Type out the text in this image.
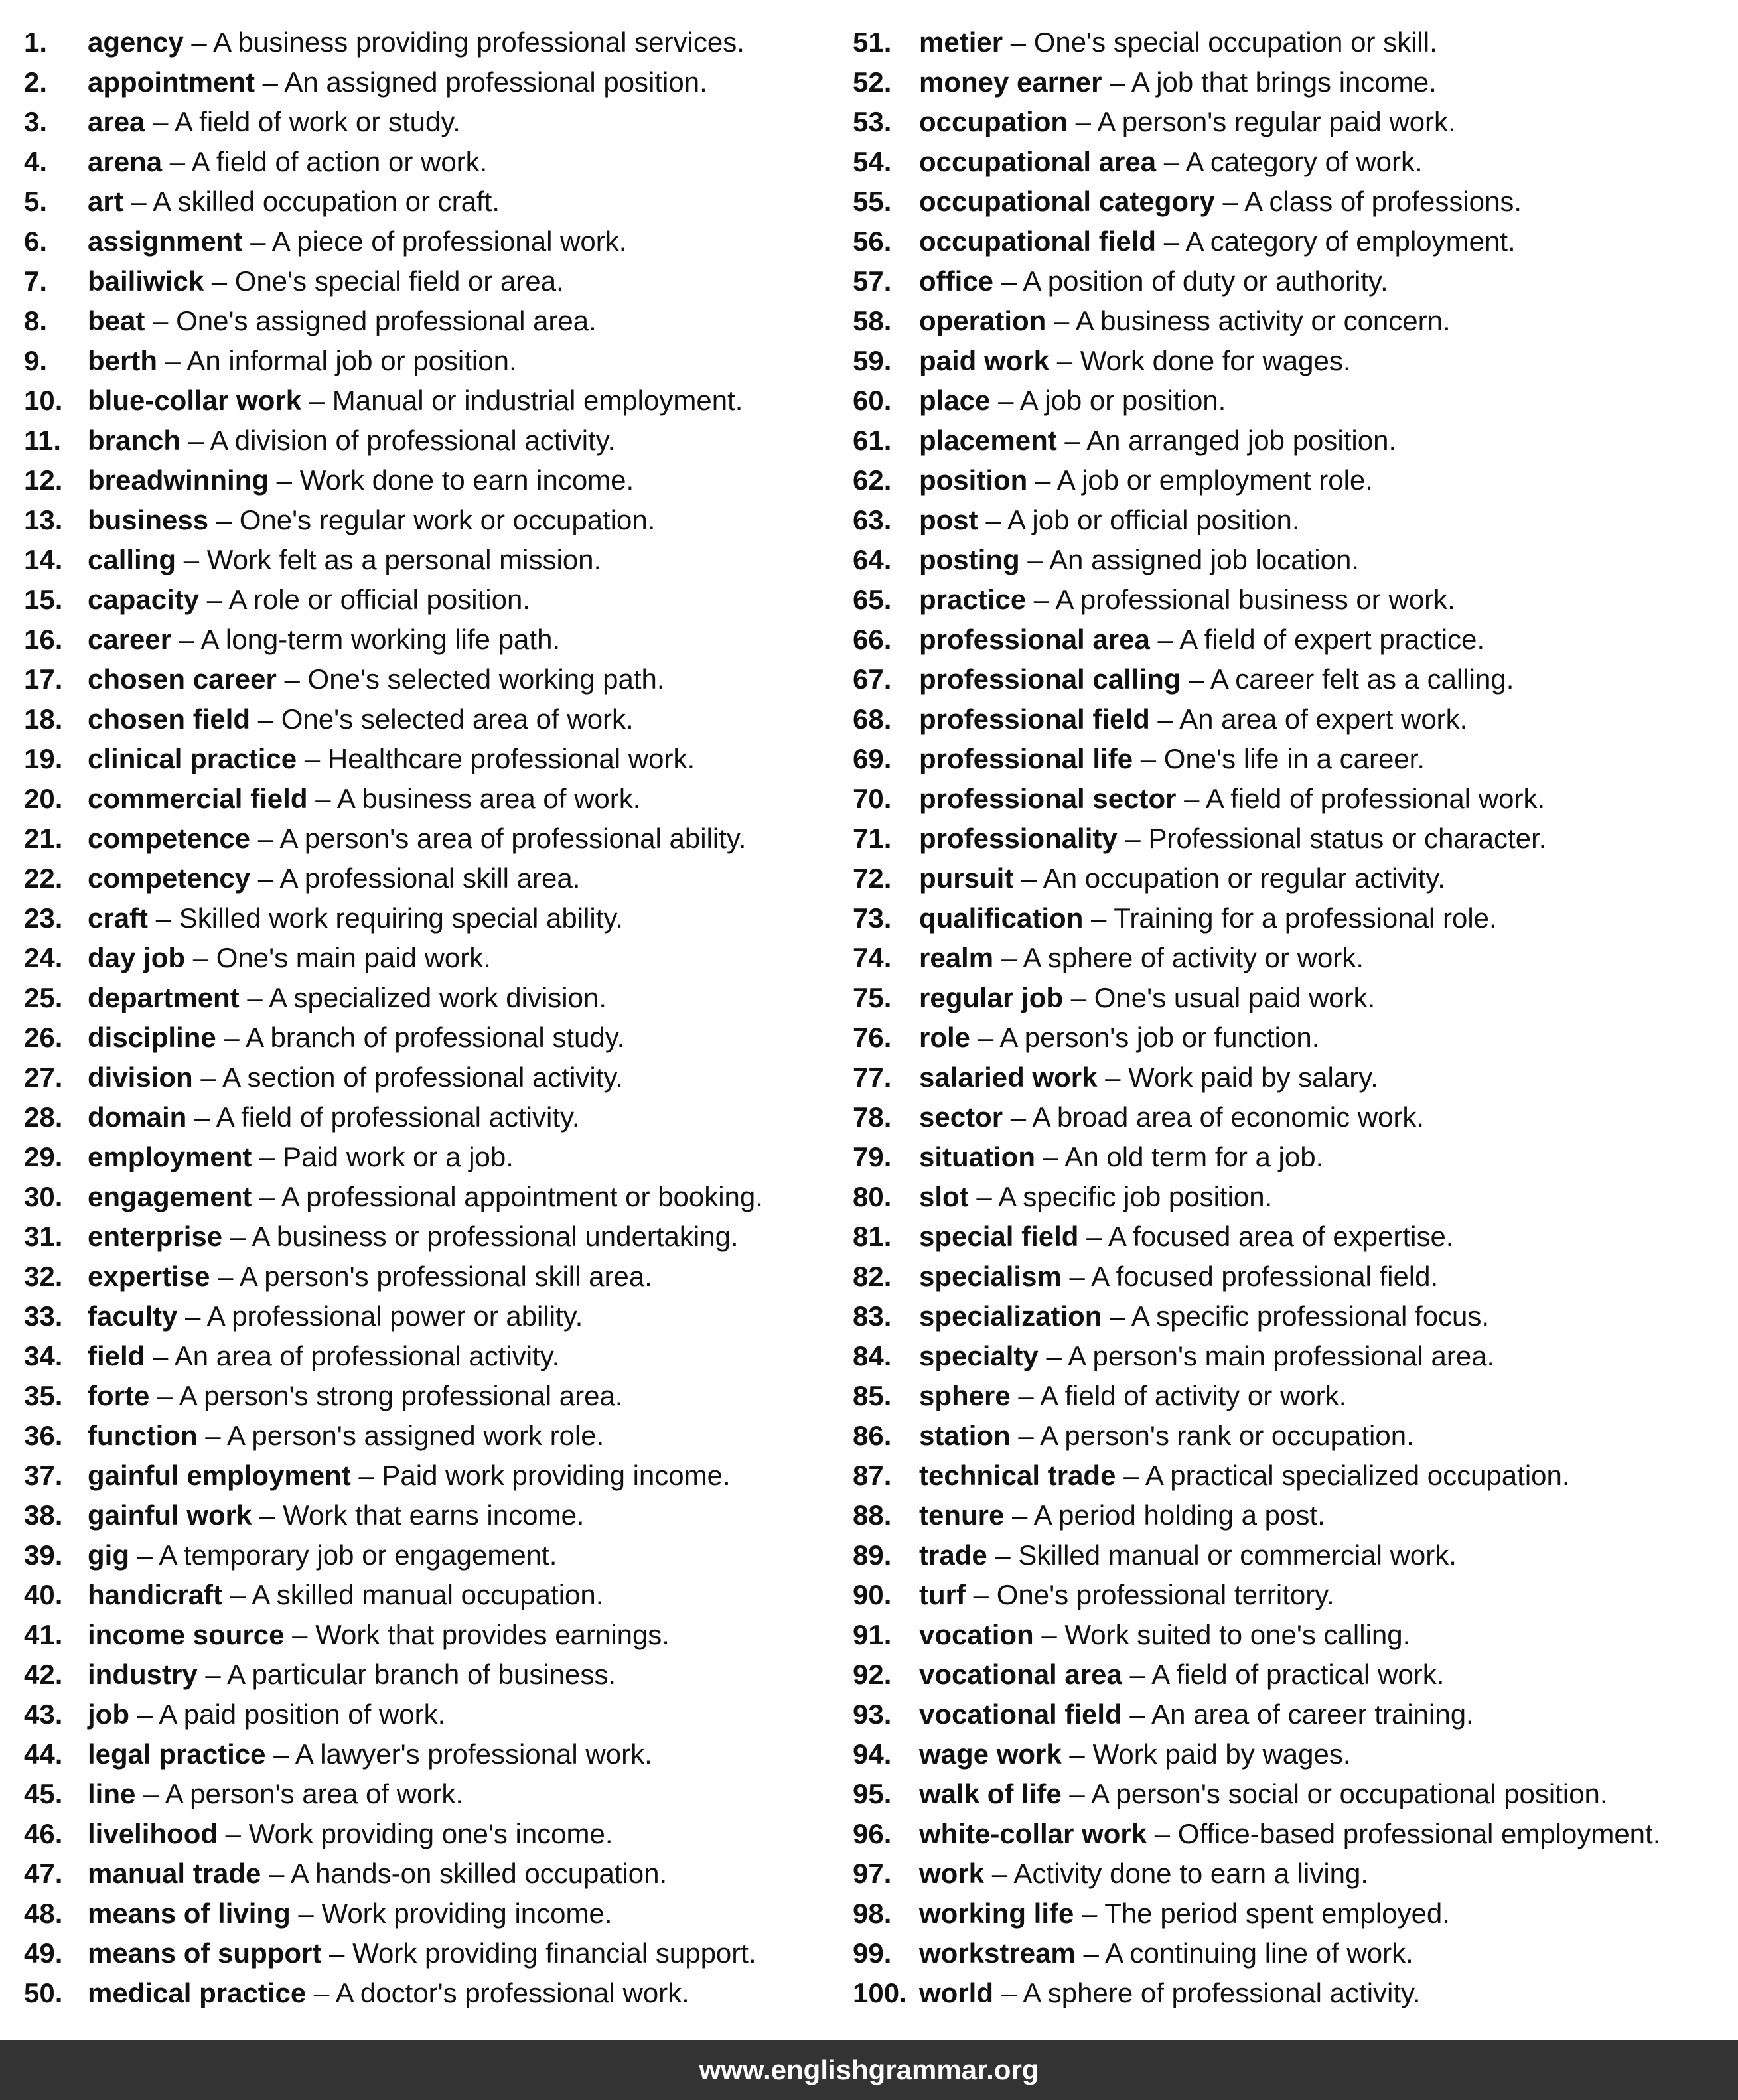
1. agency – A business providing professional services.
2. appointment – An assigned professional position.
3. area – A field of work or study.
4. arena – A field of action or work.
5. art – A skilled occupation or craft.
6. assignment – A piece of professional work.
7. bailiwick – One's special field or area.
8. beat – One's assigned professional area.
9. berth – An informal job or position.
10. blue-collar work – Manual or industrial employment.
11. branch – A division of professional activity.
12. breadwinning – Work done to earn income.
13. business – One's regular work or occupation.
14. calling – Work felt as a personal mission.
15. capacity – A role or official position.
16. career – A long-term working life path.
17. chosen career – One's selected working path.
18. chosen field – One's selected area of work.
19. clinical practice – Healthcare professional work.
20. commercial field – A business area of work.
21. competence – A person's area of professional ability.
22. competency – A professional skill area.
23. craft – Skilled work requiring special ability.
24. day job – One's main paid work.
25. department – A specialized work division.
26. discipline – A branch of professional study.
27. division – A section of professional activity.
28. domain – A field of professional activity.
29. employment – Paid work or a job.
30. engagement – A professional appointment or booking.
31. enterprise – A business or professional undertaking.
32. expertise – A person's professional skill area.
33. faculty – A professional power or ability.
34. field – An area of professional activity.
35. forte – A person's strong professional area.
36. function – A person's assigned work role.
37. gainful employment – Paid work providing income.
38. gainful work – Work that earns income.
39. gig – A temporary job or engagement.
40. handicraft – A skilled manual occupation.
41. income source – Work that provides earnings.
42. industry – A particular branch of business.
43. job – A paid position of work.
44. legal practice – A lawyer's professional work.
45. line – A person's area of work.
46. livelihood – Work providing one's income.
47. manual trade – A hands-on skilled occupation.
48. means of living – Work providing income.
49. means of support – Work providing financial support.
50. medical practice – A doctor's professional work.
51. metier – One's special occupation or skill.
52. money earner – A job that brings income.
53. occupation – A person's regular paid work.
54. occupational area – A category of work.
55. occupational category – A class of professions.
56. occupational field – A category of employment.
57. office – A position of duty or authority.
58. operation – A business activity or concern.
59. paid work – Work done for wages.
60. place – A job or position.
61. placement – An arranged job position.
62. position – A job or employment role.
63. post – A job or official position.
64. posting – An assigned job location.
65. practice – A professional business or work.
66. professional area – A field of expert practice.
67. professional calling – A career felt as a calling.
68. professional field – An area of expert work.
69. professional life – One's life in a career.
70. professional sector – A field of professional work.
71. professionality – Professional status or character.
72. pursuit – An occupation or regular activity.
73. qualification – Training for a professional role.
74. realm – A sphere of activity or work.
75. regular job – One's usual paid work.
76. role – A person's job or function.
77. salaried work – Work paid by salary.
78. sector – A broad area of economic work.
79. situation – An old term for a job.
80. slot – A specific job position.
81. special field – A focused area of expertise.
82. specialism – A focused professional field.
83. specialization – A specific professional focus.
84. specialty – A person's main professional area.
85. sphere – A field of activity or work.
86. station – A person's rank or occupation.
87. technical trade – A practical specialized occupation.
88. tenure – A period holding a post.
89. trade – Skilled manual or commercial work.
90. turf – One's professional territory.
91. vocation – Work suited to one's calling.
92. vocational area – A field of practical work.
93. vocational field – An area of career training.
94. wage work – Work paid by wages.
95. walk of life – A person's social or occupational position.
96. white-collar work – Office-based professional employment.
97. work – Activity done to earn a living.
98. working life – The period spent employed.
99. workstream – A continuing line of work.
100. world – A sphere of professional activity.
www.englishgrammar.org
